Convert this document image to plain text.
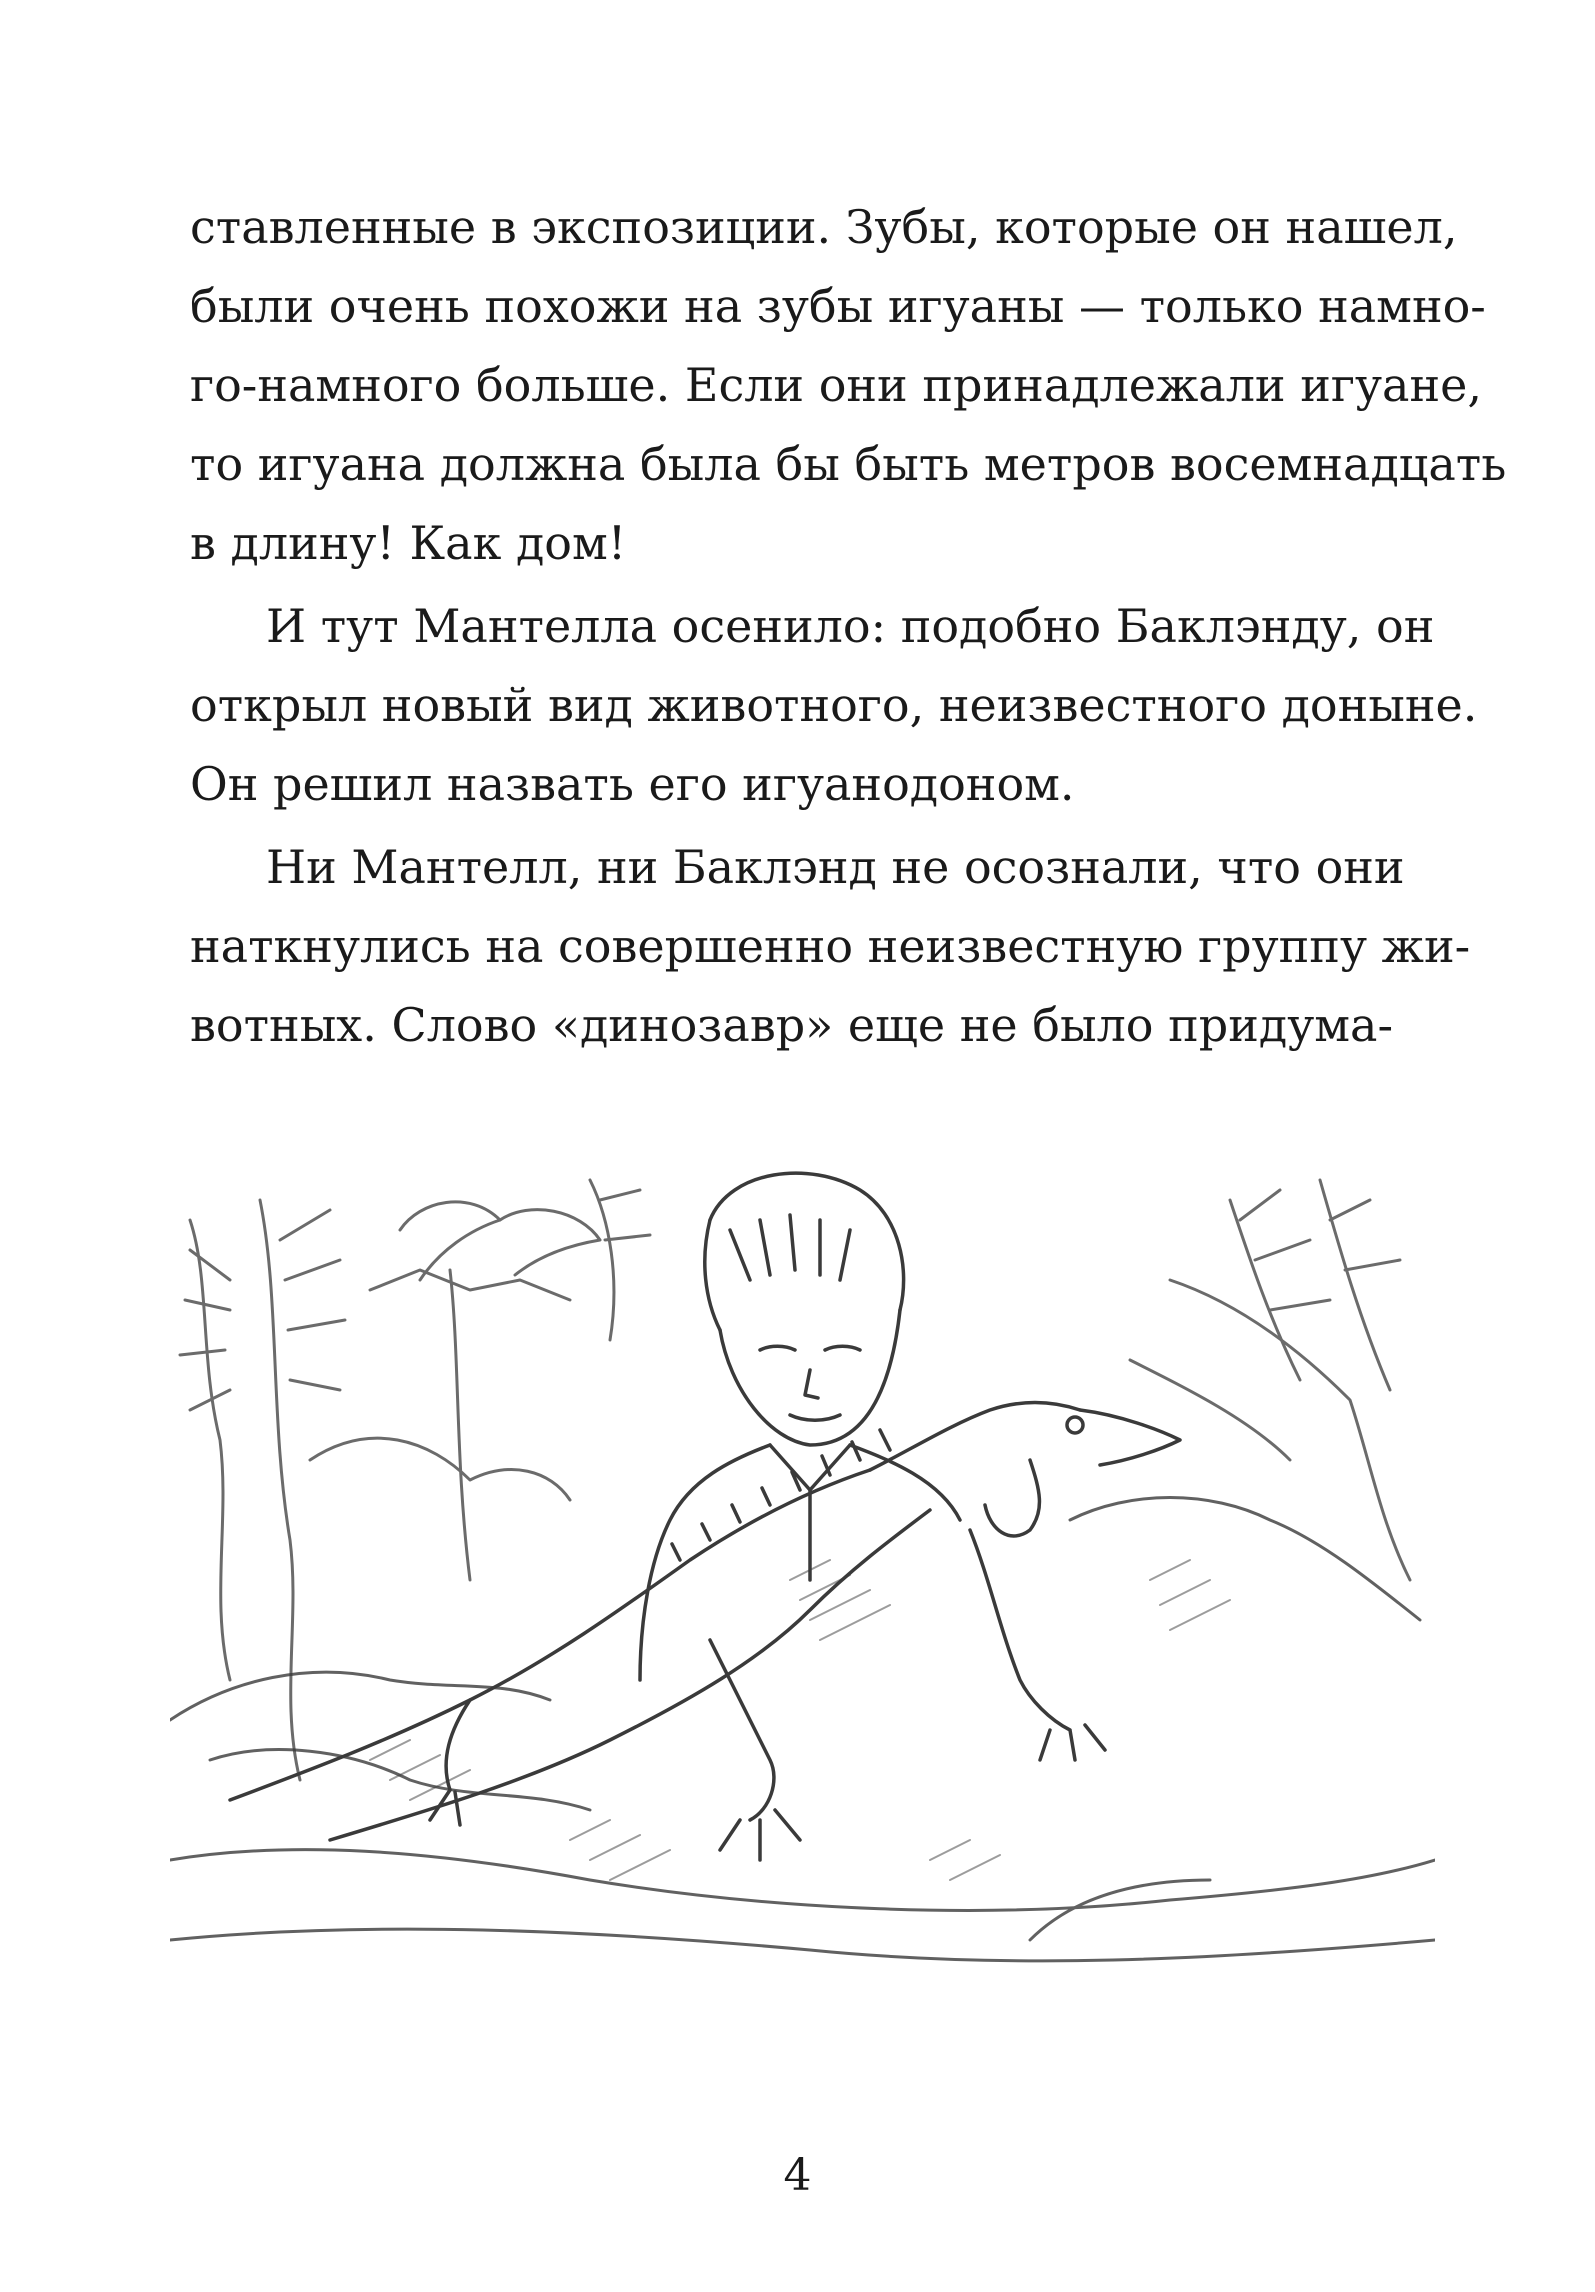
ставленные в экспозиции. Зубы, которые он нашел,
были очень похожи на зубы игуаны — только намно-
го-намного больше. Если они принадлежали игуане,
то игуана должна была бы быть метров восемнадцать
в длину! Как дом!
И тут Мантелла осенило: подобно Баклэнду, он
открыл новый вид животного, неизвестного доныне.
Он решил назвать его игуанодоном.
Ни Мантелл, ни Баклэнд не осознали, что они
наткнулись на совершенно неизвестную группу жи-
вотных. Слово «динозавр» еще не было придума-
4
